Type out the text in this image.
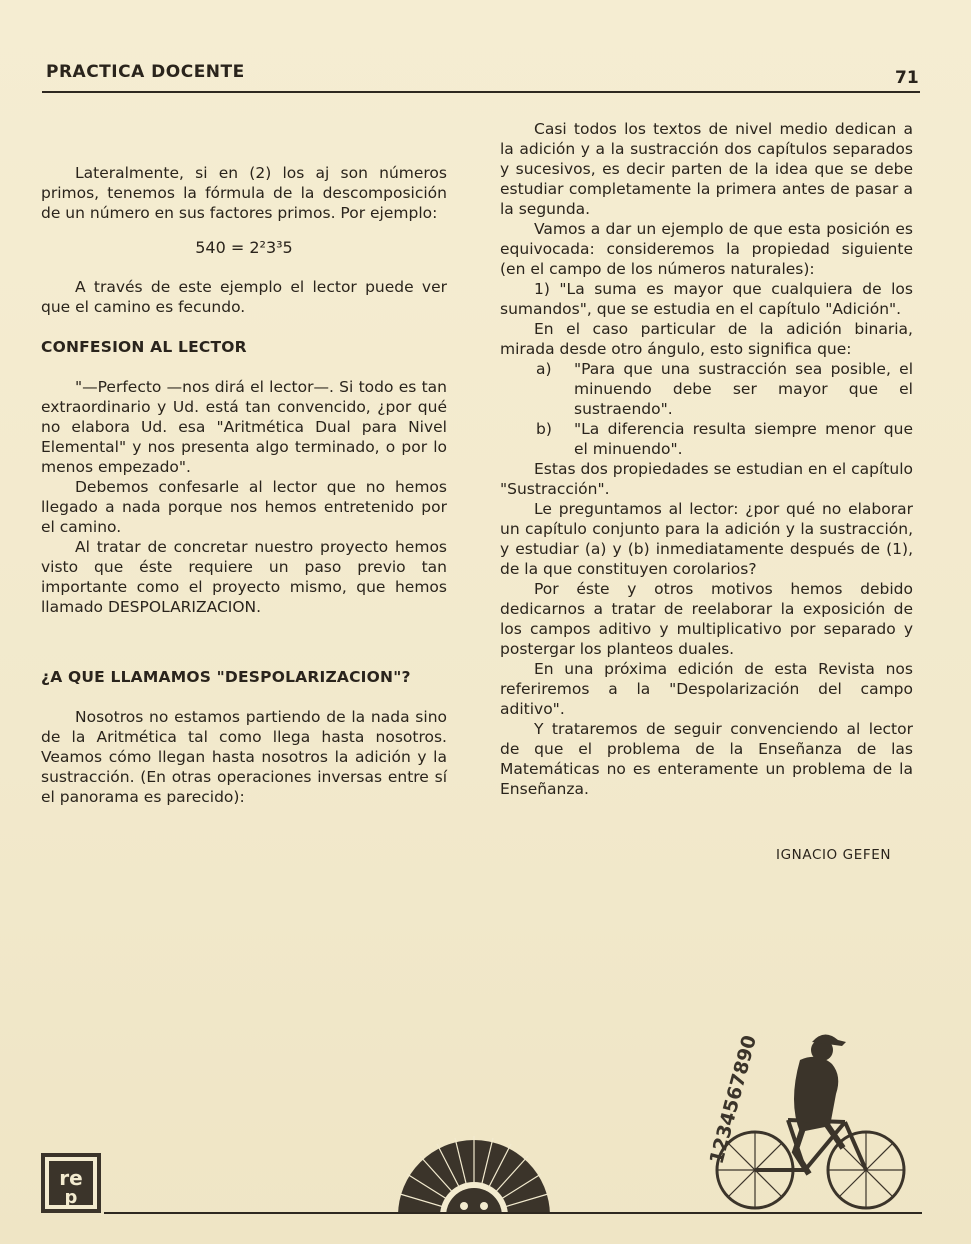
PRACTICA DOCENTE	71

Lateralmente, si en (2) los aj son números primos, tenemos la fórmula de la descomposición de un número en sus factores primos. Por ejemplo:

540 = 2²3³5

A través de este ejemplo el lector puede ver que el camino es fecundo.

CONFESION AL LECTOR

"—Perfecto —nos dirá el lector—. Si todo es tan extraordinario y Ud. está tan convencido, ¿por qué no elabora Ud. esa "Aritmética Dual para Nivel Elemental" y nos presenta algo terminado, o por lo menos empezado".

Debemos confesarle al lector que no hemos llegado a nada porque nos hemos entretenido por el camino.

Al tratar de concretar nuestro proyecto hemos visto que éste requiere un paso previo tan importante como el proyecto mismo, que hemos llamado DESPOLARIZACION.

¿A QUE LLAMAMOS "DESPOLARIZACION"?

Nosotros no estamos partiendo de la nada sino de la Aritmética tal como llega hasta nosotros. Veamos cómo llegan hasta nosotros la adición y la sustracción. (En otras operaciones inversas entre sí el panorama es parecido):

Casi todos los textos de nivel medio dedican a la adición y a la sustracción dos capítulos separados y sucesivos, es decir parten de la idea que se debe estudiar completamente la primera antes de pasar a la segunda.

Vamos a dar un ejemplo de que esta posición es equivocada: consideremos la propiedad siguiente (en el campo de los números naturales):

1) "La suma es mayor que cualquiera de los sumandos", que se estudia en el capítulo "Adición".

En el caso particular de la adición binaria, mirada desde otro ángulo, esto significa que:

a)	"Para que una sustracción sea posible, el minuendo debe ser mayor que el sustraendo".
b)	"La diferencia resulta siempre menor que el minuendo".

Estas dos propiedades se estudian en el capítulo "Sustracción".

Le preguntamos al lector: ¿por qué no elaborar un capítulo conjunto para la adición y la sustracción, y estudiar (a) y (b) inmediatamente después de (1), de la que constituyen corolarios?

Por éste y otros motivos hemos debido dedicarnos a tratar de reelaborar la exposición de los campos aditivo y multiplicativo por separado y postergar los planteos duales.

En una próxima edición de esta Revista nos referiremos a la "Despolarización del campo aditivo".

Y trataremos de seguir convenciendo al lector de que el problema de la Enseñanza de las Matemáticas no es enteramente un problema de la Enseñanza.

IGNACIO GEFEN
re
p
1234567890
